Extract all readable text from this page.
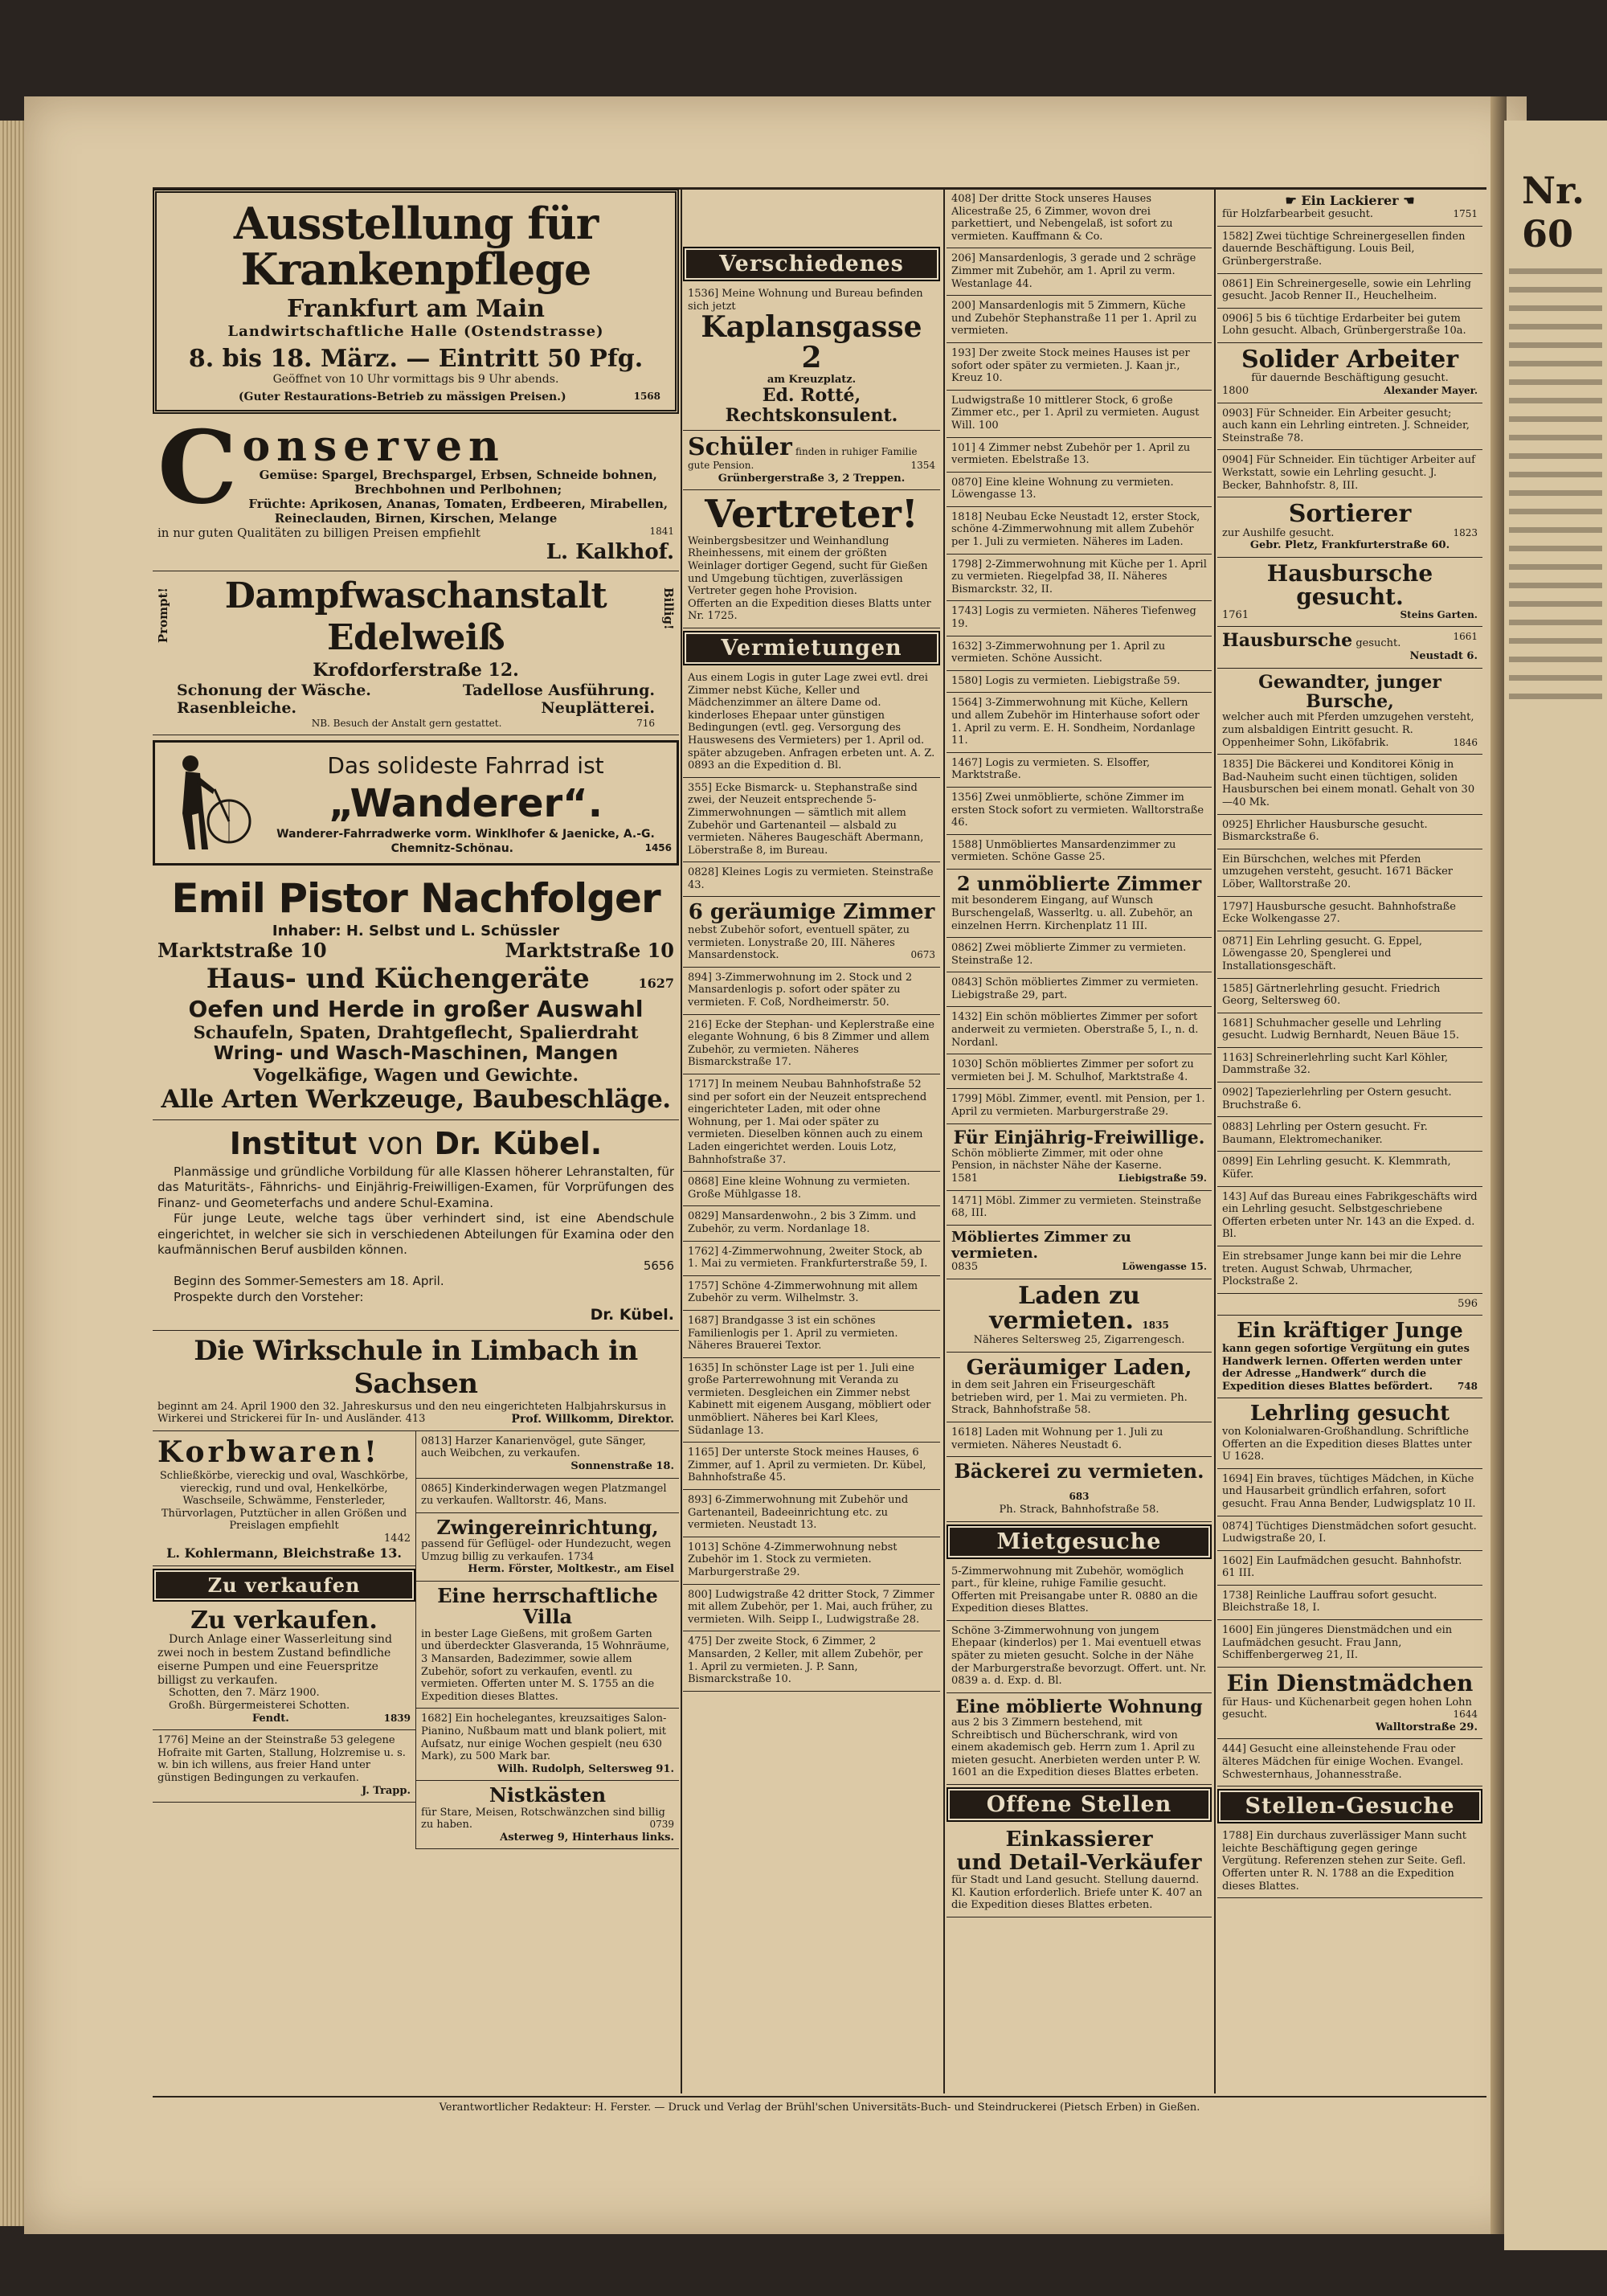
Nr. 60
Ausstellung für Krankenpflege
Frankfurt am Main
Landwirtschaftliche Halle (Ostendstrasse)
8. bis 18. März. — Eintritt 50 Pfg.
Geöffnet von 10 Uhr vormittags bis 9 Uhr abends.
(Guter Restaurations-Betrieb zu mässigen Preisen.)	1568
C onserven

Gemüse: Spargel, Brechspargel, Erbsen, Schneide bohnen, Brechbohnen und Perlbohnen;

Früchte: Aprikosen, Ananas, Tomaten, Erdbeeren, Mirabellen, Reineclauden, Birnen, Kirschen, Melange

in nur guten Qualitäten zu billigen Preisen empfiehlt	1841

L. Kalkhof.

Prompt!	Billig!
Dampfwaschanstalt Edelweiß

Krofdorferstraße 12.

Schonung der Wäsche.	Tadellose Ausführung.

Rasenbleiche.	Neuplätterei.

NB. Besuch der Anstalt gern gestattet.	716

Das solideste Fahrrad ist
„Wanderer“.
Wanderer-Fahrradwerke vorm. Winklhofer & Jaenicke, A.-G.
Chemnitz-Schönau.	1456
Emil Pistor Nachfolger

Inhaber: H. Selbst und L. Schüssler

Marktstraße 10	Marktstraße 10

Haus- und Küchengeräte	1627
Oefen und Herde in großer Auswahl

Schaufeln, Spaten, Drahtgeflecht, Spalierdraht

Wring- und Wasch-Maschinen, Mangen

Vogelkäfige, Wagen und Gewichte.

Alle Arten Werkzeuge, Baubeschläge.
Institut von Dr. Kübel.

Planmässige und gründliche Vorbildung für alle Klassen höherer Lehranstalten, für das Maturitäts-, Fähnrichs- und Einjährig-Freiwilligen-Examen, für Vorprüfungen des Finanz- und Geometerfachs und andere Schul-Examina.

Für junge Leute, welche tags über verhindert sind, ist eine Abendschule eingerichtet, in welcher sie sich in verschiedenen Abteilungen für Examina oder den kaufmännischen Beruf ausbilden können.

5656

Beginn des Sommer-Semesters am 18. April.

Prospekte durch den Vorsteher:

Dr. Kübel.

Die Wirkschule in Limbach in Sachsen

beginnt am 24. April 1900 den 32. Jahreskursus und den neu eingerichteten Halbjahrskursus in Wirkerei und Strickerei für In- und Ausländer. 413	Prof. Willkomm, Direktor.

Korbwaren!

Schließkörbe, viereckig und oval, Waschkörbe, viereckig, rund und oval, Henkelkörbe, Waschseile, Schwämme, Fensterleder, Thürvorlagen, Putztücher in allen Größen und Preislagen empfiehlt

1442

L. Kohlermann, Bleichstraße 13.

Zu verkaufen
Zu verkaufen.

Durch Anlage einer Wasserleitung sind zwei noch in bestem Zustand befindliche eiserne Pumpen und eine Feuerspritze billigst zu verkaufen.

Schotten, den 7. März 1900.

Großh. Bürgermeisterei Schotten.

Fendt.	1839

1776] Meine an der Steinstraße 53 gelegene Hofraite mit Garten, Stallung, Holzremise u. s. w. bin ich willens, aus freier Hand unter günstigen Bedingungen zu verkaufen.

J. Trapp.

0813] Harzer Kanarienvögel, gute Sänger, auch Weibchen, zu verkaufen.

Sonnenstraße 18.

0865] Kinderkinderwagen wegen Platzmangel zu verkaufen. Walltorstr. 46, Mans.

Zwingereinrichtung,

passend für Geflügel- oder Hundezucht, wegen Umzug billig zu verkaufen. 1734

Herm. Förster, Moltkestr., am Eisel

Eine herrschaftliche Villa

in bester Lage Gießens, mit großem Garten und überdeckter Glasveranda, 15 Wohnräume, 3 Mansarden, Badezimmer, sowie allem Zubehör, sofort zu verkaufen, eventl. zu vermieten. Offerten unter M. S. 1755 an die Expedition dieses Blattes.

1682] Ein hochelegantes, kreuzsaitiges Salon-Pianino, Nußbaum matt und blank poliert, mit Aufsatz, nur einige Wochen gespielt (neu 630 Mark), zu 500 Mark bar.

Wilh. Rudolph, Seltersweg 91.

Nistkästen

für Stare, Meisen, Rotschwänzchen sind billig zu haben.	0739

Asterweg 9, Hinterhaus links.

Verschiedenes

1536] Meine Wohnung und Bureau befinden sich jetzt

Kaplansgasse 2

am Kreuzplatz.

Ed. Rotté, Rechtskonsulent.
Schüler finden in ruhiger Familie gute Pension.	1354

Grünbergerstraße 3, 2 Treppen.

Vertreter!

Weinbergsbesitzer und Weinhandlung Rheinhessens, mit einem der größten Weinlager dortiger Gegend, sucht für Gießen und Umgebung tüchtigen, zuverlässigen Vertreter gegen hohe Provision.

Offerten an die Expedition dieses Blatts unter Nr. 1725.

Vermietungen

Aus einem Logis in guter Lage zwei evtl. drei Zimmer nebst Küche, Keller und Mädchenzimmer an ältere Dame od. kinderloses Ehepaar unter günstigen Bedingungen (evtl. geg. Versorgung des Hauswesens des Vermieters) per 1. April od. später abzugeben. Anfragen erbeten unt. A. Z. 0893 an die Expedition d. Bl.

355] Ecke Bismarck- u. Stephanstraße sind zwei, der Neuzeit entsprechende 5-Zimmerwohnungen — sämtlich mit allem Zubehör und Gartenanteil — alsbald zu vermieten. Näheres Baugeschäft Abermann, Löberstraße 8, im Bureau.

0828] Kleines Logis zu vermieten. Steinstraße 43.

6 geräumige Zimmer

nebst Zubehör sofort, eventuell später, zu vermieten. Lonystraße 20, III. Näheres Mansardenstock.	0673

894] 3-Zimmerwohnung im 2. Stock und 2 Mansardenlogis p. sofort oder später zu vermieten. F. Coß, Nordheimerstr. 50.

216] Ecke der Stephan- und Keplerstraße eine elegante Wohnung, 6 bis 8 Zimmer und allem Zubehör, zu vermieten. Näheres Bismarckstraße 17.

1717] In meinem Neubau Bahnhofstraße 52 sind per sofort ein der Neuzeit entsprechend eingerichteter Laden, mit oder ohne Wohnung, per 1. Mai oder später zu vermieten. Dieselben können auch zu einem Laden eingerichtet werden. Louis Lotz, Bahnhofstraße 37.

0868] Eine kleine Wohnung zu vermieten. Große Mühlgasse 18.

0829] Mansardenwohn., 2 bis 3 Zimm. und Zubehör, zu verm. Nordanlage 18.

1762] 4-Zimmerwohnung, 2weiter Stock, ab 1. Mai zu vermieten. Frankfurterstraße 59, I.

1757] Schöne 4-Zimmerwohnung mit allem Zubehör zu verm. Wilhelmstr. 3.

1687] Brandgasse 3 ist ein schönes Familienlogis per 1. April zu vermieten. Näheres Brauerei Textor.

1635] In schönster Lage ist per 1. Juli eine große Parterrewohnung mit Veranda zu vermieten. Desgleichen ein Zimmer nebst Kabinett mit eigenem Ausgang, möbliert oder unmöbliert. Näheres bei Karl Klees, Südanlage 13.

1165] Der unterste Stock meines Hauses, 6 Zimmer, auf 1. April zu vermieten. Dr. Kübel, Bahnhofstraße 45.

893] 6-Zimmerwohnung mit Zubehör und Gartenanteil, Badeeinrichtung etc. zu vermieten. Neustadt 13.

1013] Schöne 4-Zimmerwohnung nebst Zubehör im 1. Stock zu vermieten. Marburgerstraße 29.

800] Ludwigstraße 42 dritter Stock, 7 Zimmer mit allem Zubehör, per 1. Mai, auch früher, zu vermieten. Wilh. Seipp I., Ludwigstraße 28.

475] Der zweite Stock, 6 Zimmer, 2 Mansarden, 2 Keller, mit allem Zubehör, per 1. April zu vermieten. J. P. Sann, Bismarckstraße 10.

408] Der dritte Stock unseres Hauses Alicestraße 25, 6 Zimmer, wovon drei parkettiert, und Nebengelaß, ist sofort zu vermieten. Kauffmann & Co.

206] Mansardenlogis, 3 gerade und 2 schräge Zimmer mit Zubehör, am 1. April zu verm. Westanlage 44.

200] Mansardenlogis mit 5 Zimmern, Küche und Zubehör Stephanstraße 11 per 1. April zu vermieten.

193] Der zweite Stock meines Hauses ist per sofort oder später zu vermieten. J. Kaan jr., Kreuz 10.

Ludwigstraße 10 mittlerer Stock, 6 große Zimmer etc., per 1. April zu vermieten. August Will. 100

101] 4 Zimmer nebst Zubehör per 1. April zu vermieten. Ebelstraße 13.

0870] Eine kleine Wohnung zu vermieten. Löwengasse 13.

1818] Neubau Ecke Neustadt 12, erster Stock, schöne 4-Zimmerwohnung mit allem Zubehör per 1. Juli zu vermieten. Näheres im Laden.

1798] 2-Zimmerwohnung mit Küche per 1. April zu vermieten. Riegelpfad 38, II. Näheres Bismarckstr. 32, II.

1743] Logis zu vermieten. Näheres Tiefenweg 19.

1632] 3-Zimmerwohnung per 1. April zu vermieten. Schöne Aussicht.

1580] Logis zu vermieten. Liebigstraße 59.

1564] 3-Zimmerwohnung mit Küche, Kellern und allem Zubehör im Hinterhause sofort oder 1. April zu verm. E. H. Sondheim, Nordanlage 11.

1467] Logis zu vermieten. S. Elsoffer, Marktstraße.

1356] Zwei unmöblierte, schöne Zimmer im ersten Stock sofort zu vermieten. Walltorstraße 46.

1588] Unmöbliertes Mansardenzimmer zu vermieten. Schöne Gasse 25.

2 unmöblierte Zimmer

mit besonderem Eingang, auf Wunsch Burschengelaß, Wasserltg. u. all. Zubehör, an einzelnen Herrn. Kirchenplatz 11 III.

0862] Zwei möblierte Zimmer zu vermieten. Steinstraße 12.

0843] Schön möbliertes Zimmer zu vermieten. Liebigstraße 29, part.

1432] Ein schön möbliertes Zimmer per sofort anderweit zu vermieten. Oberstraße 5, I., n. d. Nordanl.

1030] Schön möbliertes Zimmer per sofort zu vermieten bei J. M. Schulhof, Marktstraße 4.

1799] Möbl. Zimmer, eventl. mit Pension, per 1. April zu vermieten. Marburgerstraße 29.

Für Einjährig-Freiwillige.

Schön möblierte Zimmer, mit oder ohne Pension, in nächster Nähe der Kaserne.

1581	Liebigstraße 59.

1471] Möbl. Zimmer zu vermieten. Steinstraße 68, III.

Möbliertes Zimmer zu vermieten.

0835	Löwengasse 15.

Laden zu vermieten. 1835

Näheres Seltersweg 25, Zigarrengesch.

Geräumiger Laden,

in dem seit Jahren ein Friseurgeschäft betrieben wird, per 1. Mai zu vermieten. Ph. Strack, Bahnhofstraße 58.

1618] Laden mit Wohnung per 1. Juli zu vermieten. Näheres Neustadt 6.

Bäckerei zu vermieten. 683

Ph. Strack, Bahnhofstraße 58.

Mietgesuche

5-Zimmerwohnung mit Zubehör, womöglich part., für kleine, ruhige Familie gesucht. Offerten mit Preisangabe unter R. 0880 an die Expedition dieses Blattes.

Schöne 3-Zimmerwohnung von jungem Ehepaar (kinderlos) per 1. Mai eventuell etwas später zu mieten gesucht. Solche in der Nähe der Marburgerstraße bevorzugt. Offert. unt. Nr. 0839 a. d. Exp. d. Bl.

Eine möblierte Wohnung

aus 2 bis 3 Zimmern bestehend, mit Schreibtisch und Bücherschrank, wird von einem akademisch geb. Herrn zum 1. April zu mieten gesucht. Anerbieten werden unter P. W. 1601 an die Expedition dieses Blattes erbeten.

Offene Stellen
Einkassierer
und Detail-Verkäufer

für Stadt und Land gesucht. Stellung dauernd. Kl. Kaution erforderlich. Briefe unter K. 407 an die Expedition dieses Blattes erbeten.

☛ Ein Lackierer ☚

für Holzfarbearbeit gesucht.	1751

1582] Zwei tüchtige Schreinergesellen finden dauernde Beschäftigung. Louis Beil, Grünbergerstraße.

0861] Ein Schreinergeselle, sowie ein Lehrling gesucht. Jacob Renner II., Heuchelheim.

0906] 5 bis 6 tüchtige Erdarbeiter bei gutem Lohn gesucht. Albach, Grünbergerstraße 10a.

Solider Arbeiter

für dauernde Beschäftigung gesucht.

1800	Alexander Mayer.

0903] Für Schneider. Ein Arbeiter gesucht; auch kann ein Lehrling eintreten. J. Schneider, Steinstraße 78.

0904] Für Schneider. Ein tüchtiger Arbeiter auf Werkstatt, sowie ein Lehrling gesucht. J. Becker, Bahnhofstr. 8, III.

Sortierer

zur Aushilfe gesucht.	1823

Gebr. Pletz, Frankfurterstraße 60.

Hausbursche gesucht.

1761	Steins Garten.

Hausbursche gesucht.
1661

Neustadt 6.

Gewandter, junger Bursche,

welcher auch mit Pferden umzugehen versteht, zum alsbaldigen Eintritt gesucht. R. Oppenheimer Sohn, Liköfabrik.	1846

1835] Die Bäckerei und Konditorei König in Bad-Nauheim sucht einen tüchtigen, soliden Hausburschen bei einem monatl. Gehalt von 30—40 Mk.

0925] Ehrlicher Hausbursche gesucht. Bismarckstraße 6.

Ein Bürschchen, welches mit Pferden umzugehen versteht, gesucht. 1671 Bäcker Löber, Walltorstraße 20.

1797] Hausbursche gesucht. Bahnhofstraße Ecke Wolkengasse 27.

0871] Ein Lehrling gesucht. G. Eppel, Löwengasse 20, Spenglerei und Installationsgeschäft.

1585] Gärtnerlehrling gesucht. Friedrich Georg, Seltersweg 60.

1681] Schuhmacher geselle und Lehrling gesucht. Ludwig Bernhardt, Neuen Bäue 15.

1163] Schreinerlehrling sucht Karl Köhler, Dammstraße 32.

0902] Tapezierlehrling per Ostern gesucht. Bruchstraße 6.

0883] Lehrling per Ostern gesucht. Fr. Baumann, Elektromechaniker.

0899] Ein Lehrling gesucht. K. Klemmrath, Küfer.

143] Auf das Bureau eines Fabrikgeschäfts wird ein Lehrling gesucht. Selbstgeschriebene Offerten erbeten unter Nr. 143 an die Exped. d. Bl.

Ein strebsamer Junge kann bei mir die Lehre treten. August Schwab, Uhrmacher, Plockstraße 2.

596

Ein kräftiger Junge

kann gegen sofortige Vergütung ein gutes Handwerk lernen. Offerten werden unter der Adresse „Handwerk“ durch die Expedition dieses Blattes befördert.	748

Lehrling gesucht

von Kolonialwaren-Großhandlung. Schriftliche Offerten an die Expedition dieses Blattes unter U 1628.

1694] Ein braves, tüchtiges Mädchen, in Küche und Hausarbeit gründlich erfahren, sofort gesucht. Frau Anna Bender, Ludwigsplatz 10 II.

0874] Tüchtiges Dienstmädchen sofort gesucht. Ludwigstraße 20, I.

1602] Ein Laufmädchen gesucht. Bahnhofstr. 61 III.

1738] Reinliche Lauffrau sofort gesucht. Bleichstraße 18, I.

1600] Ein jüngeres Dienstmädchen und ein Laufmädchen gesucht. Frau Jann, Schiffenbergerweg 21, II.

Ein Dienstmädchen

für Haus- und Küchenarbeit gegen hohen Lohn gesucht.	1644

Walltorstraße 29.

444] Gesucht eine alleinstehende Frau oder älteres Mädchen für einige Wochen. Evangel. Schwesternhaus, Johannesstraße.

Stellen-Gesuche

1788] Ein durchaus zuverlässiger Mann sucht leichte Beschäftigung gegen geringe Vergütung. Referenzen stehen zur Seite. Gefl. Offerten unter R. N. 1788 an die Expedition dieses Blattes.

Verantwortlicher Redakteur: H. Ferster. — Druck und Verlag der Brühl'schen Universitäts-Buch- und Steindruckerei (Pietsch Erben) in Gießen.
